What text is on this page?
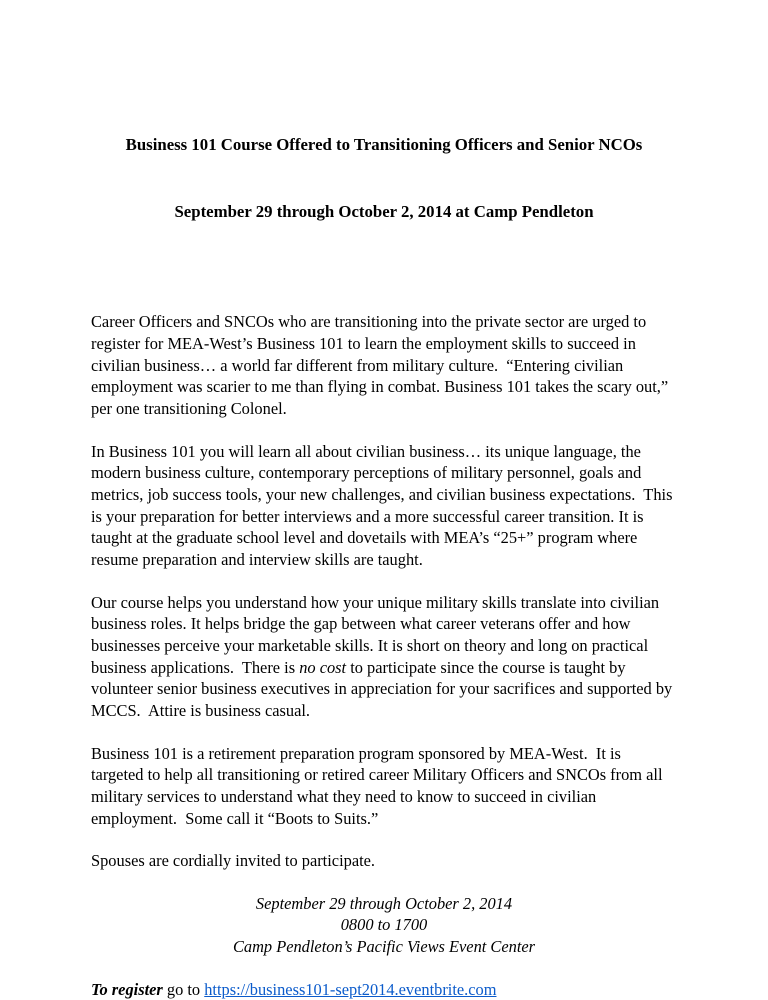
Business 101 Course Offered to Transitioning Officers and Senior NCOs

September 29 through October 2, 2014 at Camp Pendleton

Career Officers and SNCOs who are transitioning into the private sector are urged to register for MEA-West’s Business 101 to learn the employment skills to succeed in civilian business… a world far different from military culture.  “Entering civilian employment was scarier to me than flying in combat. Business 101 takes the scary out,” per one transitioning Colonel.

In Business 101 you will learn all about civilian business… its unique language, the modern business culture, contemporary perceptions of military personnel, goals and metrics, job success tools, your new challenges, and civilian business expectations.  This is your preparation for better interviews and a more successful career transition. It is taught at the graduate school level and dovetails with MEA’s “25+” program where resume preparation and interview skills are taught.

Our course helps you understand how your unique military skills translate into civilian business roles. It helps bridge the gap between what career veterans offer and how businesses perceive your marketable skills. It is short on theory and long on practical business applications.  There is no cost to participate since the course is taught by volunteer senior business executives in appreciation for your sacrifices and supported by MCCS.  Attire is business casual.

Business 101 is a retirement preparation program sponsored by MEA-West.  It is targeted to help all transitioning or retired career Military Officers and SNCOs from all military services to understand what they need to know to succeed in civilian employment.  Some call it “Boots to Suits.”

Spouses are cordially invited to participate.

September 29 through October 2, 2014
0800 to 1700
Camp Pendleton’s Pacific Views Event Center

To register go to https://business101-sept2014.eventbrite.com
